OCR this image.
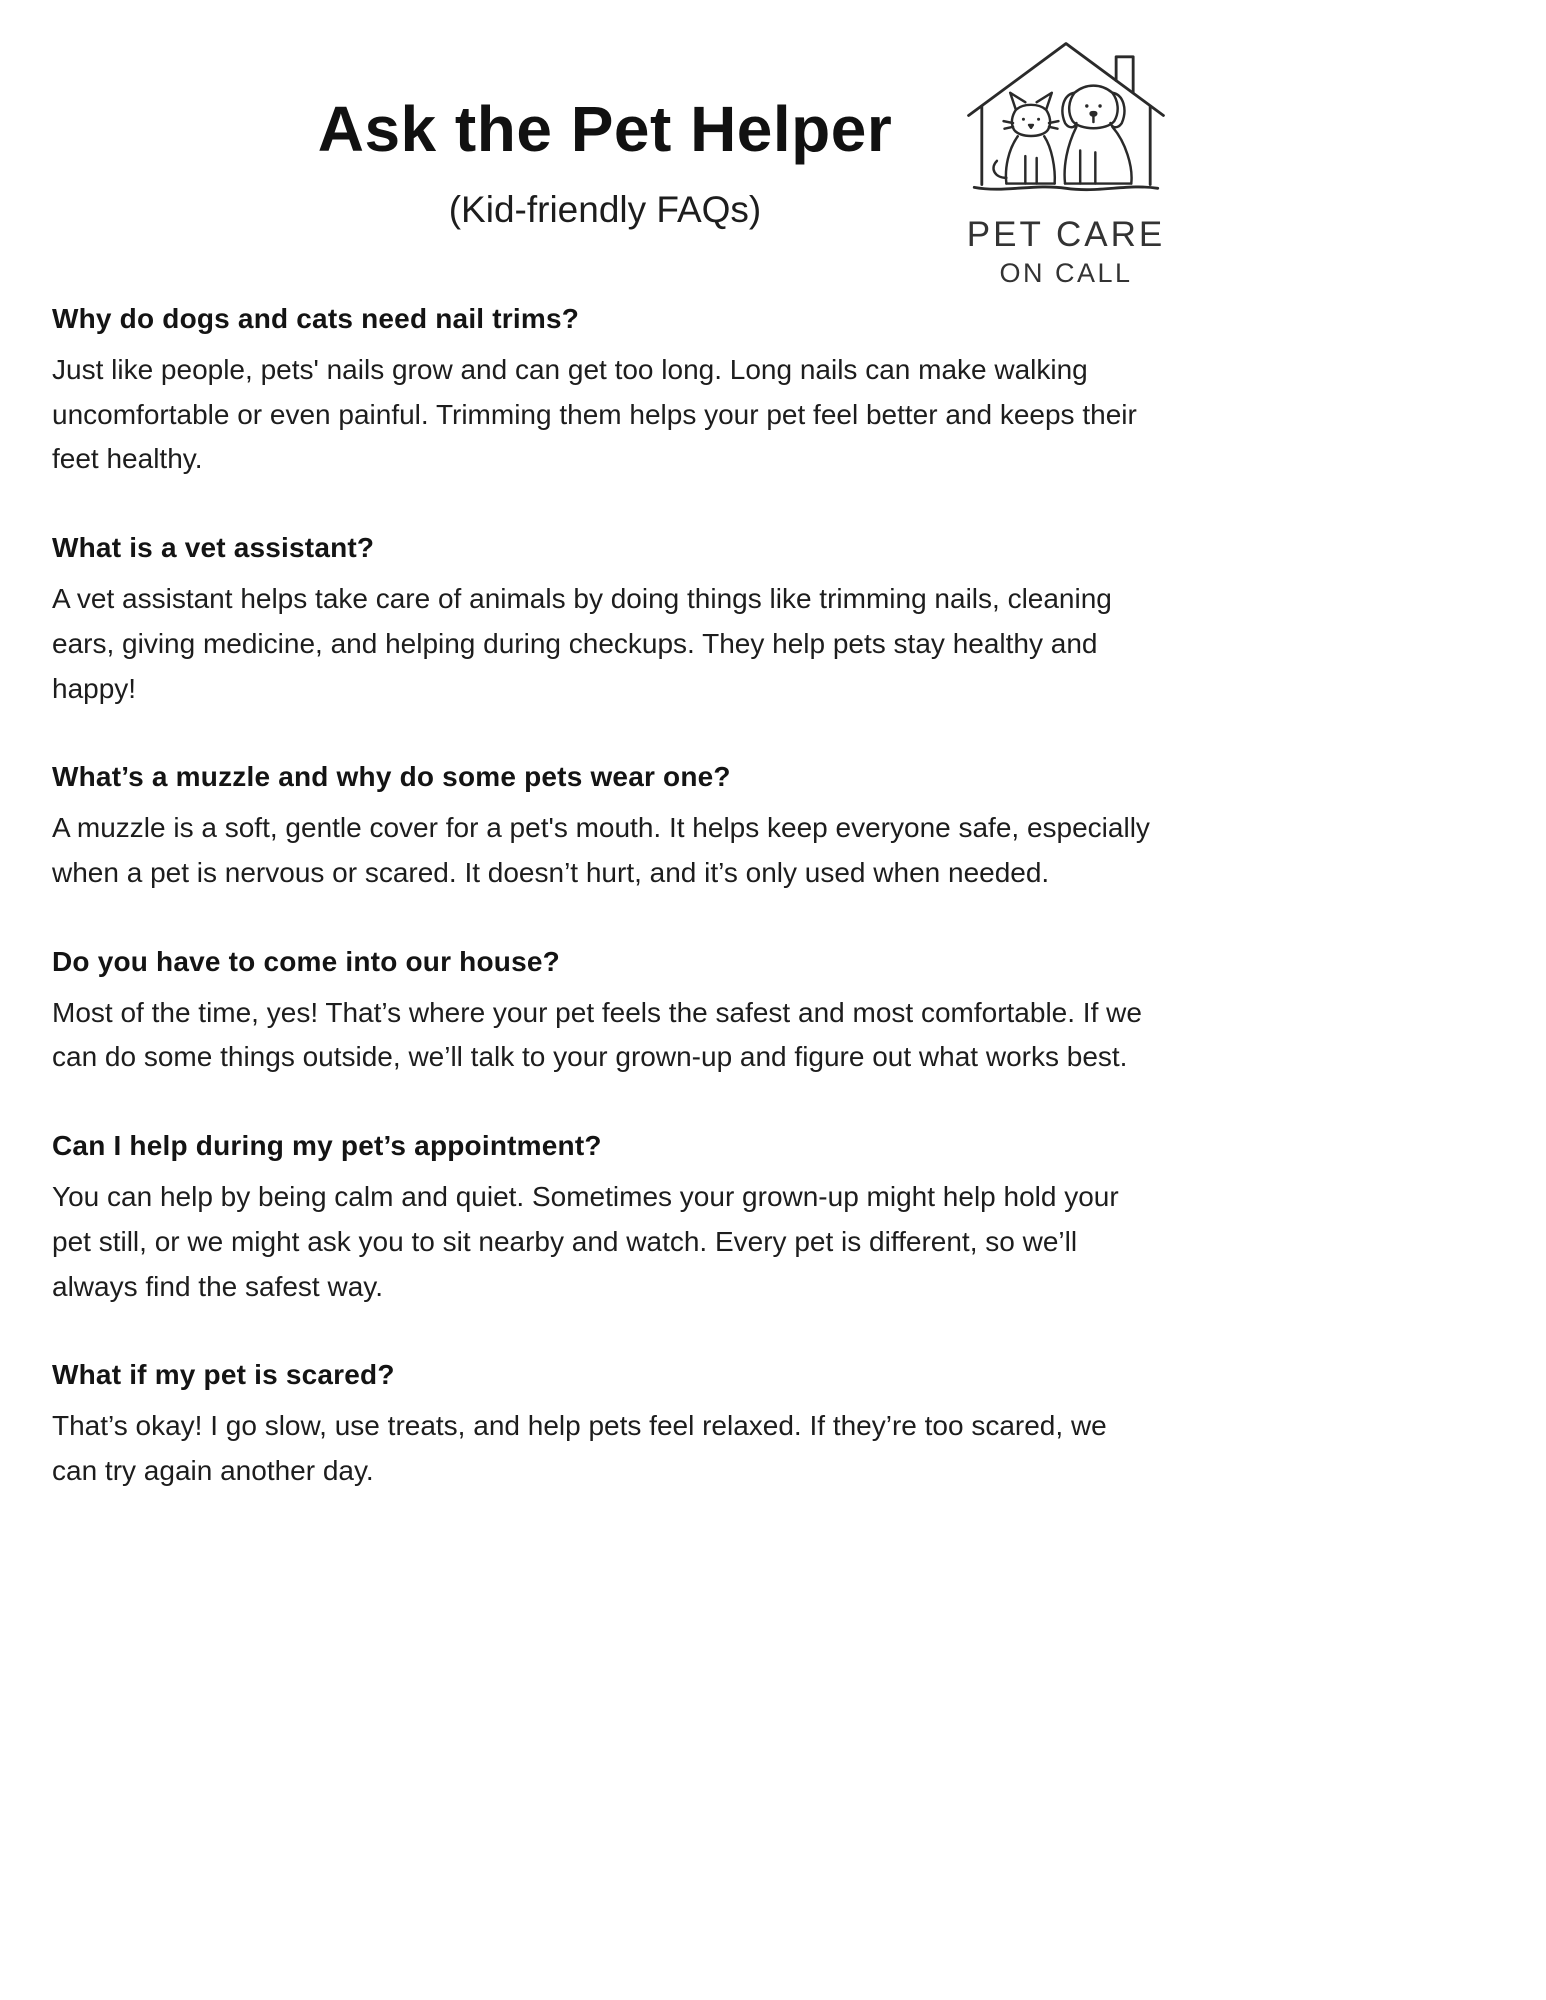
Ask the Pet Helper
(Kid-friendly FAQs)
PET CARE
ON CALL
Why do dogs and cats need nail trims?

Just like people, pets' nails grow and can get too long. Long nails can make walking uncomfortable or even painful. Trimming them helps your pet feel better and keeps their feet healthy.

What is a vet assistant?

A vet assistant helps take care of animals by doing things like trimming nails, cleaning ears, giving medicine, and helping during checkups. They help pets stay healthy and happy!

What’s a muzzle and why do some pets wear one?

A muzzle is a soft, gentle cover for a pet's mouth. It helps keep everyone safe, especially when a pet is nervous or scared. It doesn’t hurt, and it’s only used when needed.

Do you have to come into our house?

Most of the time, yes! That’s where your pet feels the safest and most comfortable. If we can do some things outside, we’ll talk to your grown-up and figure out what works best.

Can I help during my pet’s appointment?

You can help by being calm and quiet. Sometimes your grown-up might help hold your pet still, or we might ask you to sit nearby and watch. Every pet is different, so we’ll always find the safest way.

What if my pet is scared?

That’s okay! I go slow, use treats, and help pets feel relaxed. If they’re too scared, we can try again another day.
